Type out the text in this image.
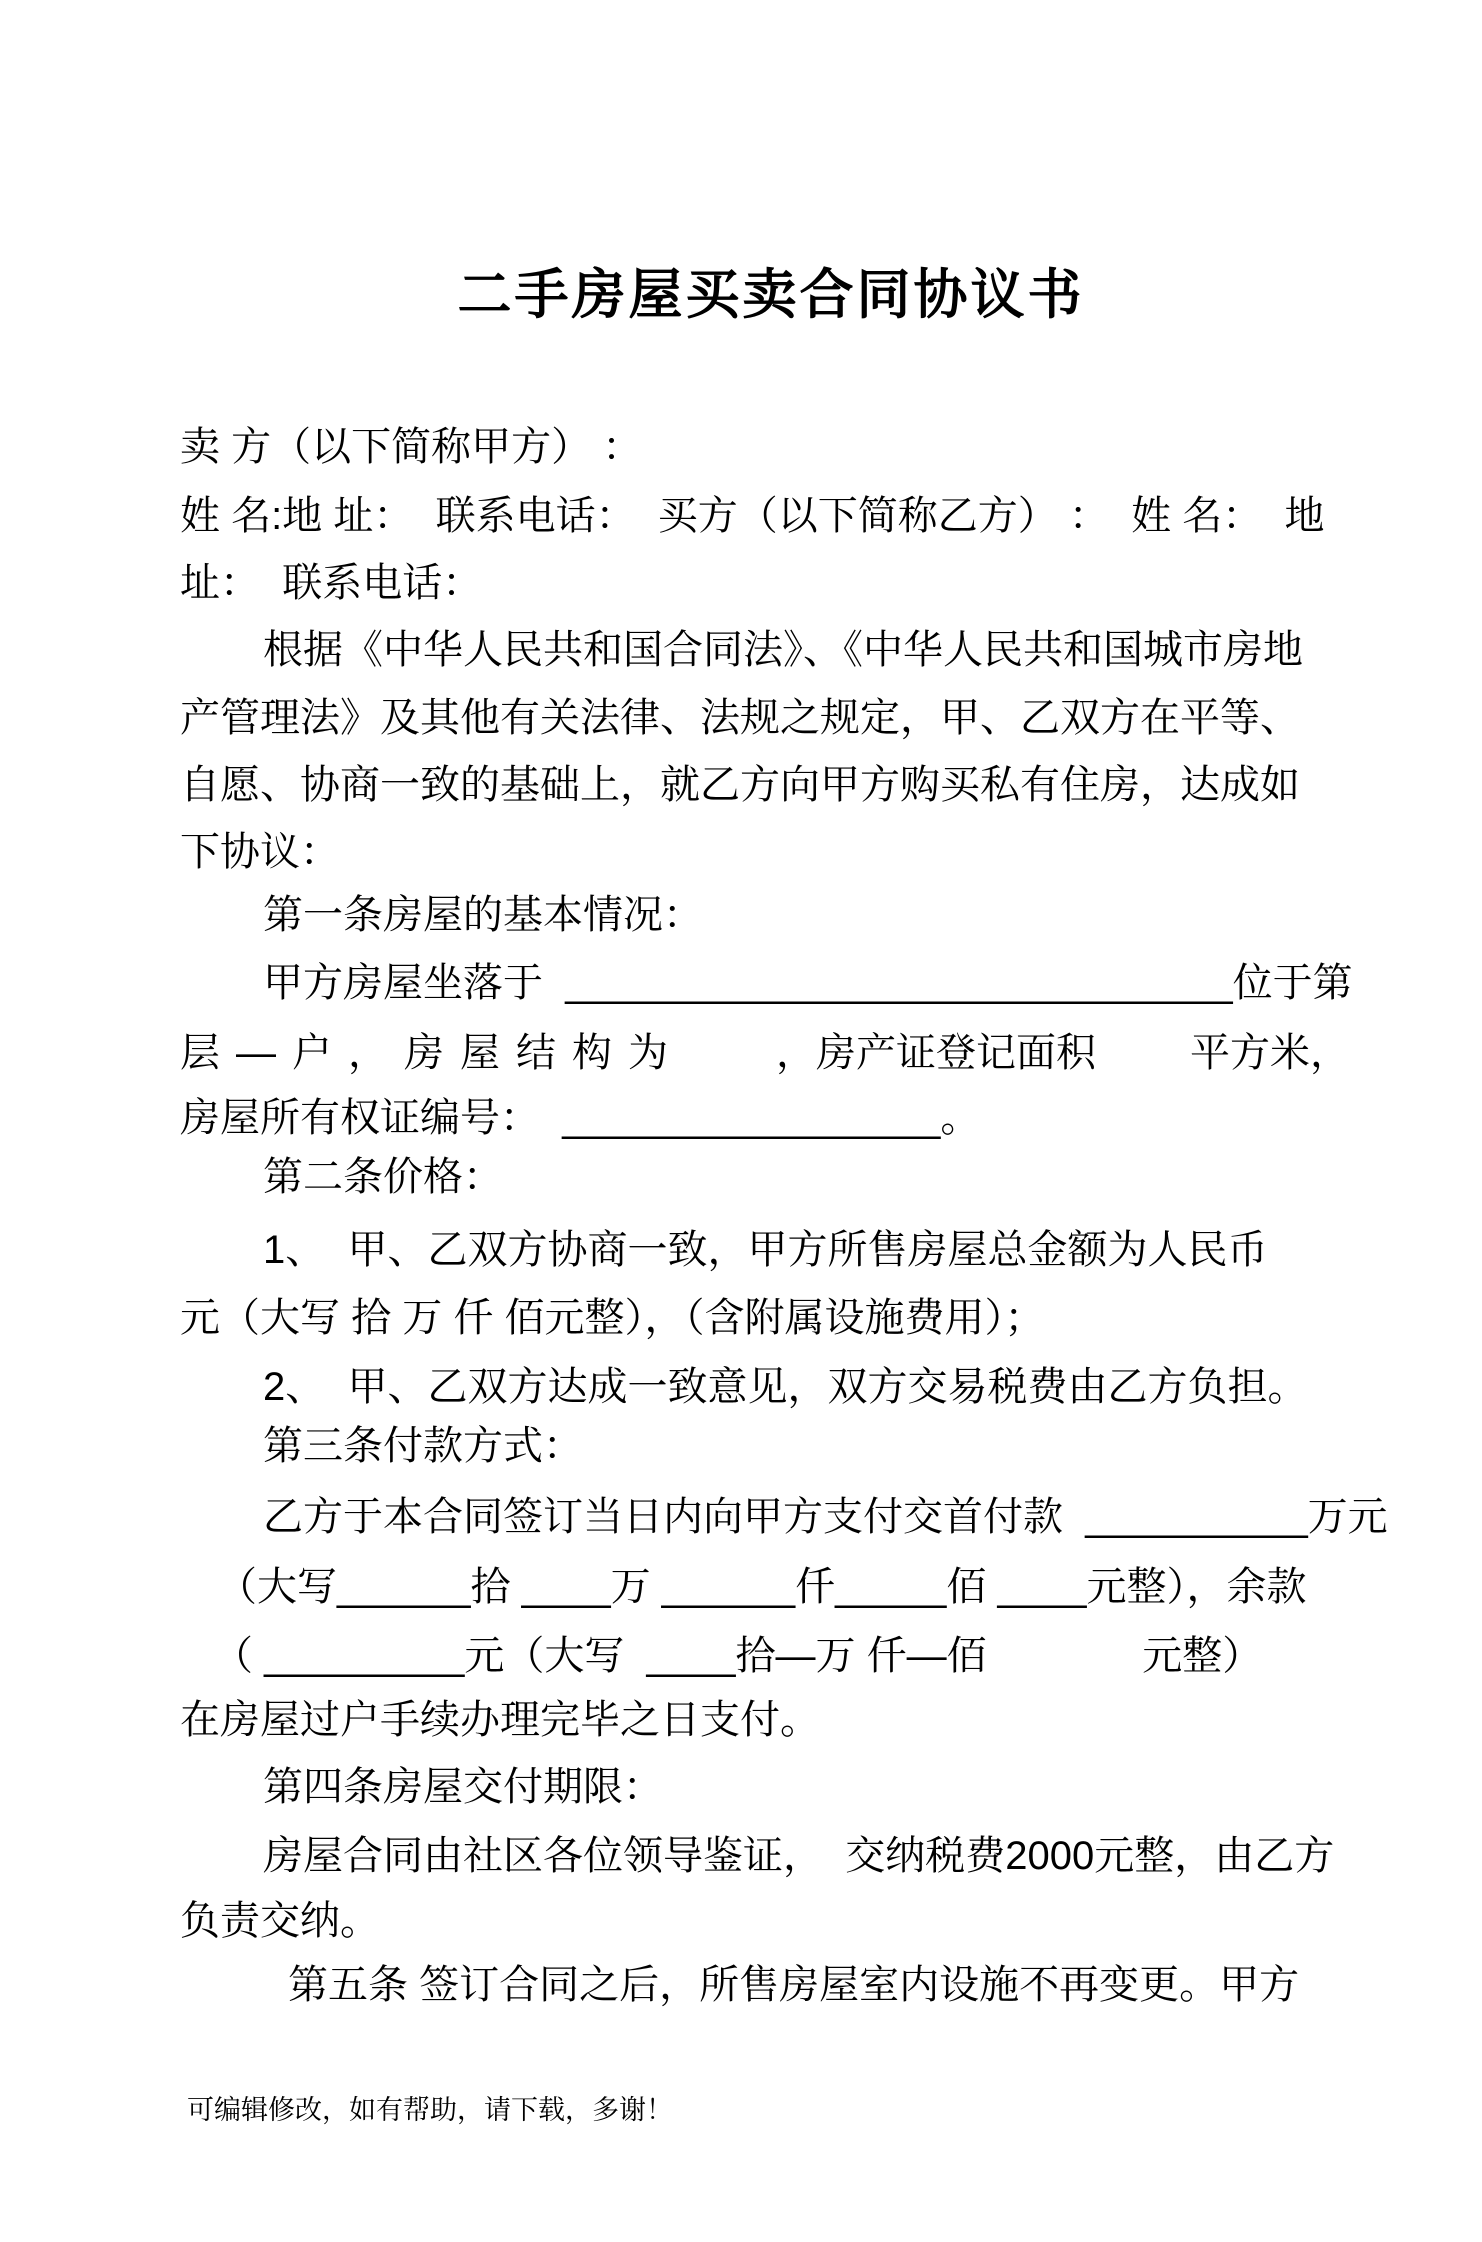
二手房屋买卖合同协议书
卖 方（以下简称甲方） ：
姓 名:地 址：  联系电话：  买方（以下简称乙方） ：  姓 名：  地
址：  联系电话：
根据《中华人民共和国合同法》、《中华人民共和国城市房地
产管理法》及其他有关法律、法规之规定，甲、乙双方在平等、
自愿、协商一致的基础上，就乙方向甲方购买私有住房，达成如
下协议：
第一条房屋的基本情况：
甲方房屋坐落于  ______________________________位于第
层—户，房屋结构为 ，房产证登记面积 平方米，
房屋所有权证编号：  _________________。
第二条价格：
1、  甲、乙双方协商一致，甲方所售房屋总金额为人民币
元（大写 拾 万 仟 佰元整），（含附属设施费用）；
2、  甲、乙双方达成一致意见，双方交易税费由乙方负担。
第三条付款方式：
乙方于本合同签订当日内向甲方支付交首付款  __________万元
（大写______拾 ____万 ______仟_____佰 ____元整），余款
（ _________元（大写  ____拾—万 仟—佰              元整）
在房屋过户手续办理完毕之日支付。
第四条房屋交付期限：
房屋合同由社区各位领导鉴证，  交纳税费2000元整，由乙方
负责交纳。
第五条 签订合同之后，所售房屋室内设施不再变更。甲方
可编辑修改，如有帮助，请下载，多谢！
